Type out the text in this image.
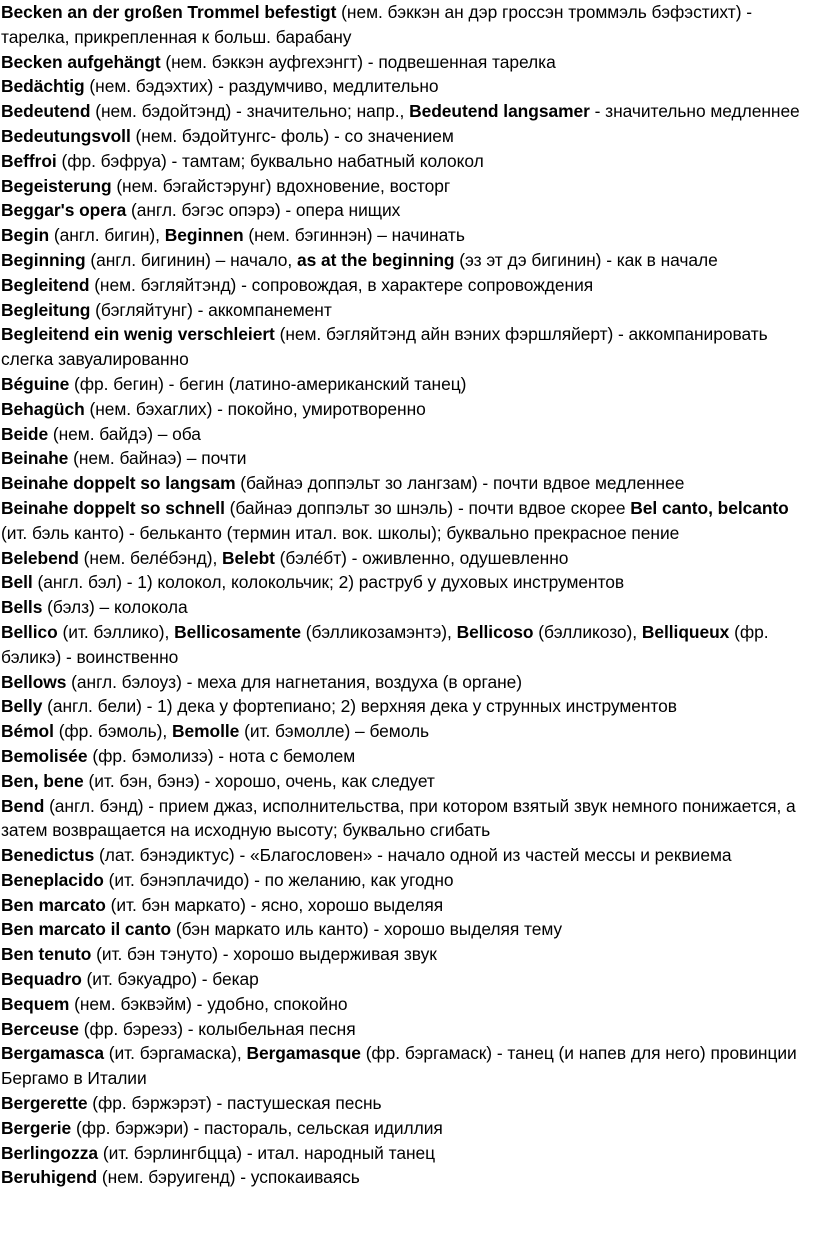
Becken an der großen Trommel befestigt (нем. бэккэн ан дэр гроссэн троммэль бэфэстихт) - тарелка, прикрепленная к больш. барабану

Becken aufgehängt (нем. бэккэн ауфгехэнгт) - подвешенная тарелка

Bedächtig (нем. бэдэхтих) - раздумчиво, медлительно

Bedeutend (нем. бэдойтэнд) - значительно; напр., Bedeutend langsamer - значительно медленнее

Bedeutungsvoll (нем. бэдойтунгс- фоль) - со значением

Beffroi (фр. бэфруа) - тамтам; буквально набатный колокол

Begeisterung (нем. бэгайстэрунг) вдохновение, восторг

Beggar's opera (англ. бэгэс опэрэ) - опера нищих

Begin (англ. бигин), Beginnen (нем. бэгиннэн) – начинать

Beginning (англ. бигинин) – начало, as at the beginning (эз эт дэ бигинин) - как в начале

Begleitend (нем. бэгляйтэнд) - сопровождая, в характере сопровождения

Begleitung (бэгляйтунг) - аккомпанемент

Begleitend ein wenig verschleiert (нем. бэгляйтэнд айн вэних фэршляйерт) - аккомпанировать слегка завуалированно

Béguine (фр. бегин) - бегин (латино-американский танец)

Behagüch (нем. бэхаглих) - покойно, умиротворенно

Beide (нем. байдэ) – оба

Beinahe (нем. байнаэ) – почти

Beinahe doppelt so langsam (байнаэ доппэльт зо лангзам) - почти вдвое медленнее

Beinahe doppelt so schnell (байнаэ доппэльт зо шнэль) - почти вдвое скорее Bel canto, belcanto (ит. бэль канто) - бельканто (термин итал. вок. школы); буквально прекрасное пение

Belebend (нем. белéбэнд), Belebt (бэлéбт) - оживленно, одушевленно

Bell (англ. бэл) - 1) колокол, колокольчик; 2) раструб у духовых инструментов

Bells (бэлз) – колокола

Bellico (ит. бэллико), Bellicosamente (бэлликозамэнтэ), Bellicoso (бэлликозо), Belliqueux (фр. бэликэ) - воинственно

Bellows (англ. бэлоуз) - меха для нагнетания, воздуха (в органе)

Belly (англ. бели) - 1) дека у фортепиано; 2) верхняя дека у струнных инструментов

Bémol (фр. бэмоль), Bemolle (ит. бэмолле) – бемоль

Bemolisée (фр. бэмолизэ) - нота с бемолем

Ben, bene (ит. бэн, бэнэ) - хорошо, очень, как следует

Bend (англ. бэнд) - прием джаз, исполнительства, при котором взятый звук немного понижается, а затем возвращается на исходную высоту; буквально сгибать

Benedictus (лат. бэнэдиктус) - «Благословен» - начало одной из частей мессы и реквиема

Beneplacido (ит. бэнэплачидо) - по желанию, как угодно

Ben marcato (ит. бэн маркато) - ясно, хорошо выделяя

Ben marcato il canto (бэн маркато иль канто) - хорошо выделяя тему

Ben tenuto (ит. бэн тэнуто) - хорошо выдерживая звук

Bequadro (ит. бэкуадро) - бекар

Bequem (нем. бэквэйм) - удобно, спокойно

Berceuse (фр. бэреэз) - колыбельная песня

Bergamasca (ит. бэргамаска), Bergamasque (фр. бэргамаск) - танец (и напев для него) провинции Бергамо в Италии

Bergerette (фр. бэржэрэт) - пастушеская песнь

Bergerie (фр. бэржэри) - пастораль, сельская идиллия

Berlingozza (ит. бэрлингбцца) - итал. народный танец

Beruhigend (нем. бэруигенд) - успокаиваясь
